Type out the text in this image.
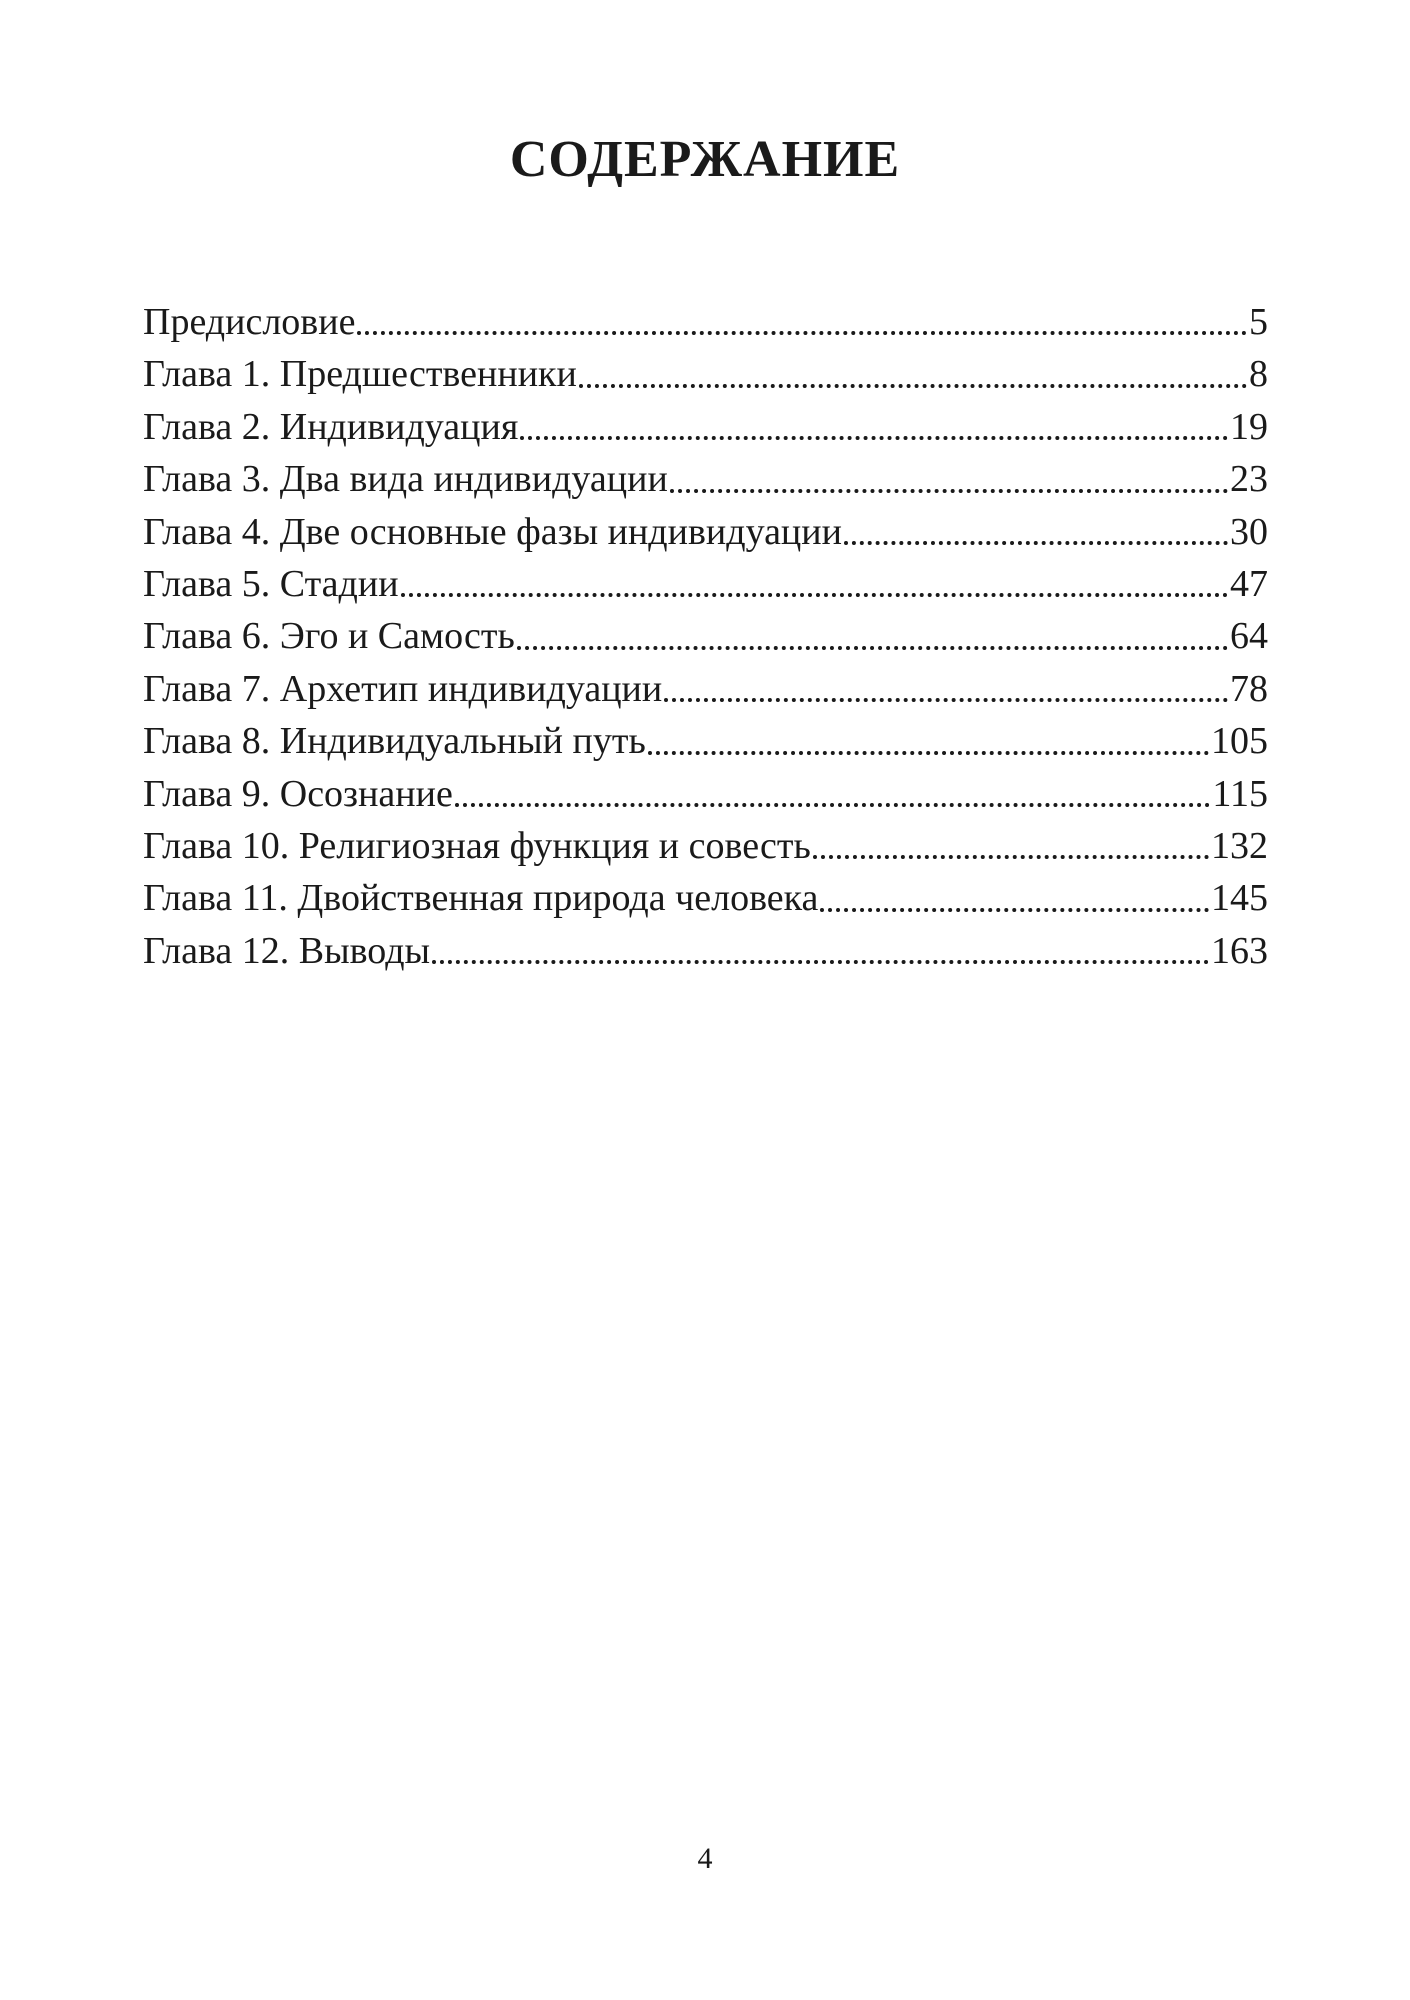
СОДЕРЖАНИЕ
Предисловие	5
Глава 1. Предшественники	8
Глава 2. Индивидуация	19
Глава 3. Два вида индивидуации	23
Глава 4. Две основные фазы индивидуации	30
Глава 5. Стадии	47
Глава 6. Эго и Самость	64
Глава 7. Архетип индивидуации	78
Глава 8. Индивидуальный путь	105
Глава 9. Осознание	115
Глава 10. Религиозная функция и совесть	132
Глава 11. Двойственная природа человека	145
Глава 12. Выводы	163
4
